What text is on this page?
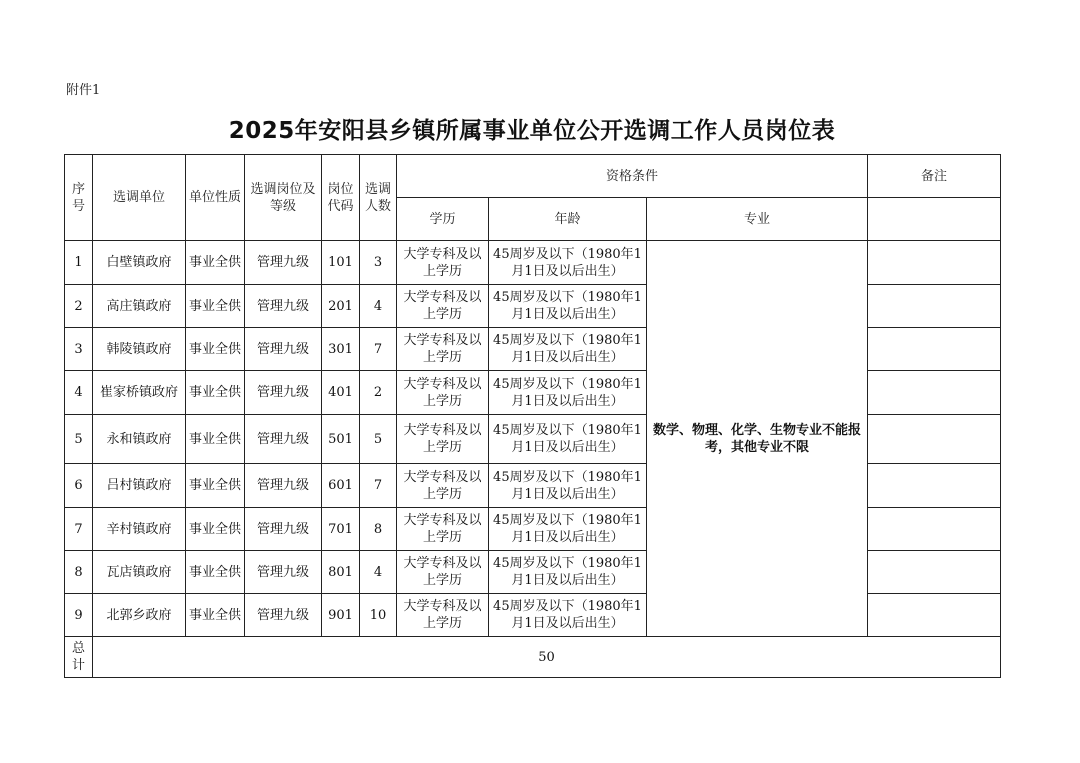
附件1
2025年安阳县乡镇所属事业单位公开选调工作人员岗位表
序号	选调单位	单位性质	选调岗位及等级	岗位代码	选调人数	资格条件			备注
						学历	年龄	专业	
1	白壁镇政府	事业全供	管理九级	101	3	大学专科及以上学历	45周岁及以下（1980年1月1日及以后出生）	数学、物理、化学、生物专业不能报考，其他专业不限	
2	高庄镇政府	事业全供	管理九级	201	4	大学专科及以上学历	45周岁及以下（1980年1月1日及以后出生）		
3	韩陵镇政府	事业全供	管理九级	301	7	大学专科及以上学历	45周岁及以下（1980年1月1日及以后出生）		
4	崔家桥镇政府	事业全供	管理九级	401	2	大学专科及以上学历	45周岁及以下（1980年1月1日及以后出生）		
5	永和镇政府	事业全供	管理九级	501	5	大学专科及以上学历	45周岁及以下（1980年1月1日及以后出生）		
6	吕村镇政府	事业全供	管理九级	601	7	大学专科及以上学历	45周岁及以下（1980年1月1日及以后出生）		
7	辛村镇政府	事业全供	管理九级	701	8	大学专科及以上学历	45周岁及以下（1980年1月1日及以后出生）		
8	瓦店镇政府	事业全供	管理九级	801	4	大学专科及以上学历	45周岁及以下（1980年1月1日及以后出生）		
9	北郭乡政府	事业全供	管理九级	901	10	大学专科及以上学历	45周岁及以下（1980年1月1日及以后出生）		
总计	50								
